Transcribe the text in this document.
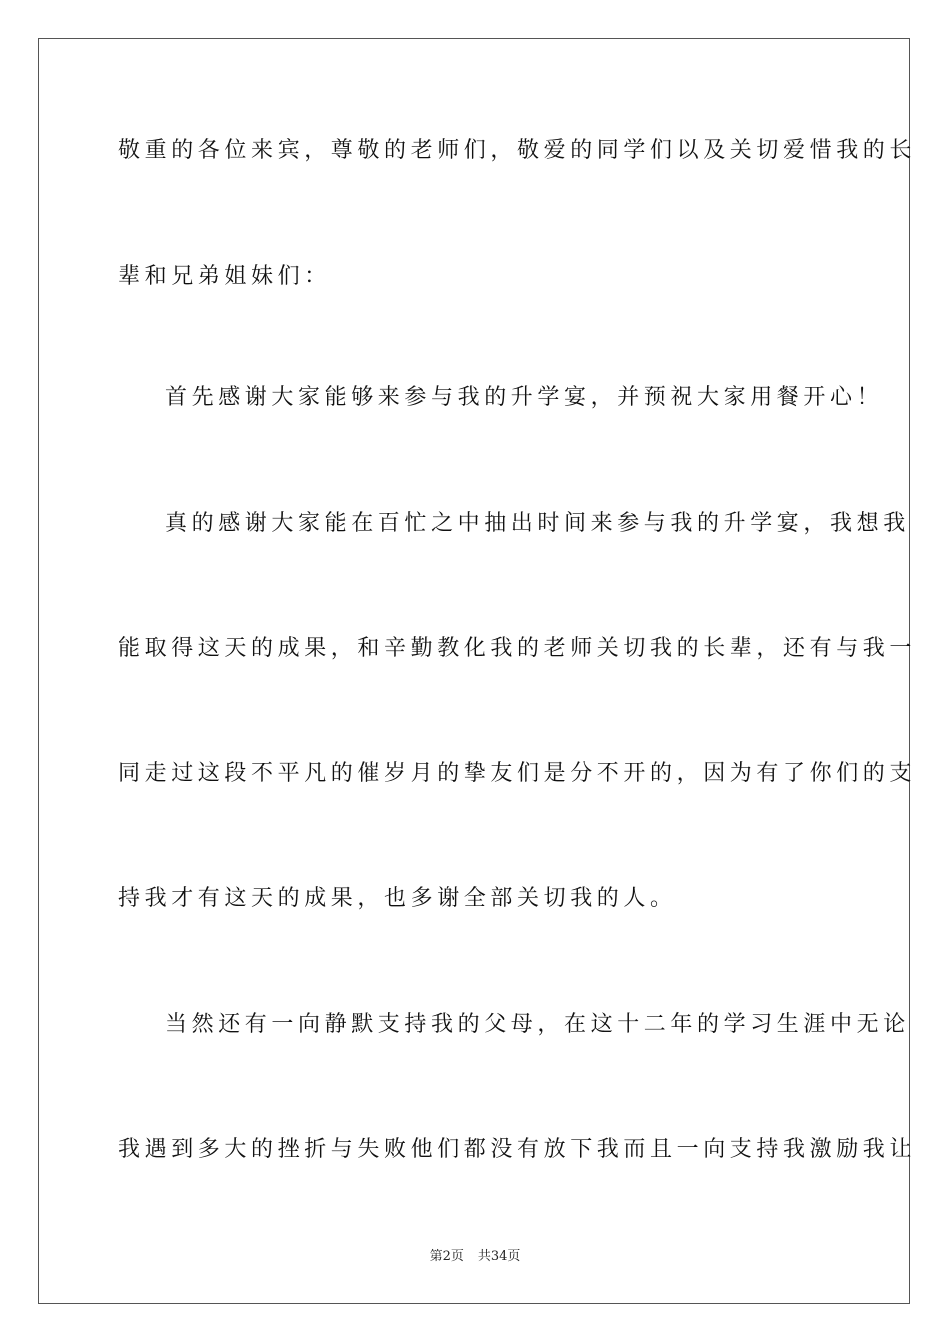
敬重的各位来宾，尊敬的老师们，敬爱的同学们以及关切爱惜我的长
辈和兄弟姐妹们：
首先感谢大家能够来参与我的升学宴，并预祝大家用餐开心！
真的感谢大家能在百忙之中抽出时间来参与我的升学宴，我想我
能取得这天的成果，和辛勤教化我的老师关切我的长辈，还有与我一
同走过这段不平凡的催岁月的挚友们是分不开的，因为有了你们的支
持我才有这天的成果，也多谢全部关切我的人。
当然还有一向静默支持我的父母，在这十二年的学习生涯中无论
我遇到多大的挫折与失败他们都没有放下我而且一向支持我激励我让
第2页 共34页
